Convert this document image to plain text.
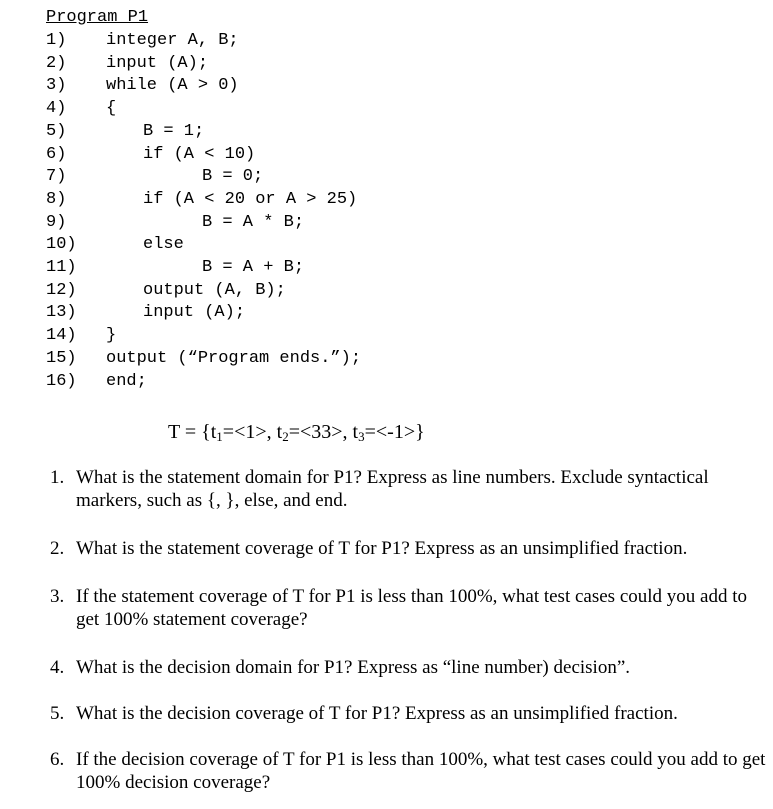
Program P1

1)

integer A, B;

2)

input (A);

3)

while (A > 0)

4)

{

5)

	B = 1;

6)

	if (A < 10)

7)

	B = 0;

8)

	if (A < 20 or A > 25)

9)

	B = A * B;

10)

	else

11)

	B = A + B;

12)

	output (A, B);

13)

	input (A);

14)

}

15)

output (“Program ends.”);

16)

end;

$T = \{t_1=<1>$, $t_2=<33>$, $t_3=<-1>$}
1. What is the statement domain for P1? Express as line numbers. Exclude syntactical markers, such as {, }, else, and end.
2. What is the statement coverage of T for P1? Express as an unsimplified fraction.
3. If the statement coverage of T for P1 is less than 100%, what test cases could you add to get 100% statement coverage?
4. What is the decision domain for P1? Express as “line number) decision”.
5. What is the decision coverage of T for P1? Express as an unsimplified fraction.
6. If the decision coverage of T for P1 is less than 100%, what test cases could you add to get 100% decision coverage?
